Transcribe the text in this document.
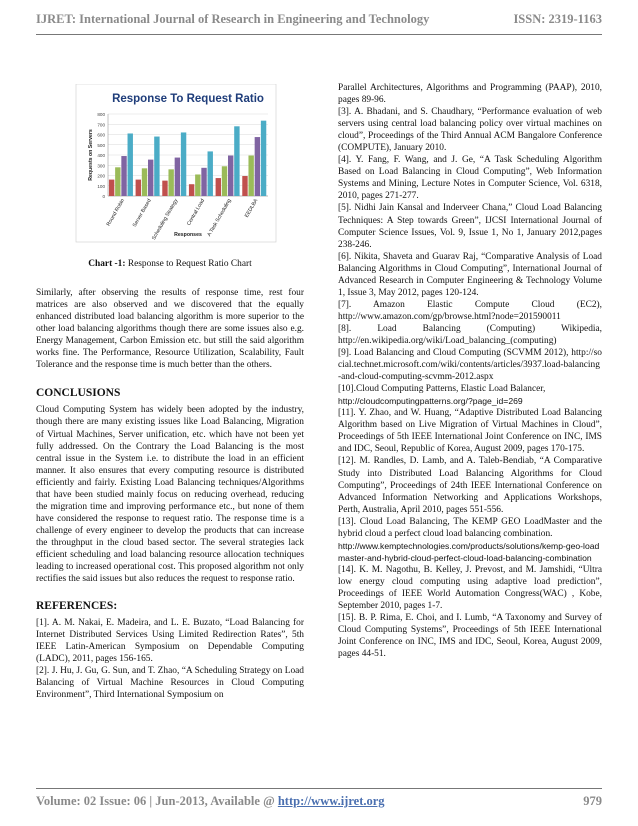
IJRET: International Journal of Research in Engineering and Technology	ISSN: 2319-1163
Response To Request Ratio
0
100
200
300
400
500
600
700
800
Requests on Servers
Round Robin Server Based
Scheduling Strategy Central Load A Task Scheduling EEDLBA
Responses

Chart -1: Response to Request Ratio Chart

Similarly, after observing the results of response time, rest four matrices are also observed and we discovered that the equally enhanced distributed load balancing algorithm is more superior to the other load balancing algorithms though there are some issues also e.g. Energy Management, Carbon Emission etc. but still the said algorithm works fine. The Performance, Resource Utilization, Scalability, Fault Tolerance and the response time is much better than the others.

CONCLUSIONS

Cloud Computing System has widely been adopted by the industry, though there are many existing issues like Load Balancing, Migration of Virtual Machines, Server unification, etc. which have not been yet fully addressed. On the Contrary the Load Balancing is the most central issue in the System i.e. to distribute the load in an efficient manner. It also ensures that every computing resource is distributed efficiently and fairly. Existing Load Balancing techniques/Algorithms that have been studied mainly focus on reducing overhead, reducing the migration time and improving performance etc., but none of them have considered the response to request ratio. The response time is a challenge of every engineer to develop the products that can increase the throughput in the cloud based sector. The several strategies lack efficient scheduling and load balancing resource allocation techniques leading to increased operational cost. This proposed algorithm not only rectifies the said issues but also reduces the request to response ratio.

REFERENCES:

[1]. A. M. Nakai, E. Madeira, and L. E. Buzato, “Load Balancing for Internet Distributed Services Using Limited Redirection Rates”, 5th IEEE Latin-American Symposium on Dependable Computing (LADC), 2011, pages 156-165.

[2]. J. Hu, J. Gu, G. Sun, and T. Zhao, “A Scheduling Strategy on Load Balancing of Virtual Machine Resources in Cloud Computing Environment”, Third International Symposium on

Parallel Architectures, Algorithms and Programming (PAAP), 2010, pages 89-96.

[3]. A. Bhadani, and S. Chaudhary, “Performance evaluation of web servers using central load balancing policy over virtual machines on cloud”, Proceedings of the Third Annual ACM Bangalore Conference (COMPUTE), January 2010.

[4]. Y. Fang, F. Wang, and J. Ge, “A Task Scheduling Algorithm Based on Load Balancing in Cloud Computing”, Web Information Systems and Mining, Lecture Notes in Computer Science, Vol. 6318, 2010, pages 271-277.

[5]. Nidhi Jain Kansal and Inderveer Chana,” Cloud Load Balancing Techniques: A Step towards Green”, IJCSI International Journal of Computer Science Issues, Vol. 9, Issue 1, No 1, January 2012,pages 238-246.

[6]. Nikita, Shaveta and Guarav Raj, “Comparative Analysis of Load Balancing Algorithms in Cloud Computing”, International Journal of Advanced Research in Computer Engineering & Technology Volume 1, Issue 3, May 2012, pages 120-124.

[7]. Amazon Elastic Compute Cloud (EC2), http://www.amazon.com/gp/browse.html?node=201590011

[8]. Load Balancing (Computing) Wikipedia, http://en.wikipedia.org/wiki/Load_balancing_(computing)

[9]. Load Balancing and Cloud Computing (SCVMM 2012), http://social.technet.microsoft.com/wiki/contents/articles/3937.load-balancing-and-cloud-computing-scvmm-2012.aspx

[10].Cloud Computing Patterns, Elastic Load Balancer,

http://cloudcomputingpatterns.org/?page_id=269

[11]. Y. Zhao, and W. Huang, “Adaptive Distributed Load Balancing Algorithm based on Live Migration of Virtual Machines in Cloud”, Proceedings of 5th IEEE International Joint Conference on INC, IMS and IDC, Seoul, Republic of Korea, August 2009, pages 170-175.

[12]. M. Randles, D. Lamb, and A. Taleb-Bendiab, “A Comparative Study into Distributed Load Balancing Algorithms for Cloud Computing”, Proceedings of 24th IEEE International Conference on Advanced Information Networking and Applications Workshops, Perth, Australia, April 2010, pages 551-556.

[13]. Cloud Load Balancing, The KEMP GEO LoadMaster and the hybrid cloud a perfect cloud load balancing combination.

http://www.kemptechnologies.com/products/solutions/kemp-geo-loadmaster-and-hybrid-cloud-perfect-cloud-load-balancing-combination

[14]. K. M. Nagothu, B. Kelley, J. Prevost, and M. Jamshidi, “Ultra low energy cloud computing using adaptive load prediction”, Proceedings of IEEE World Automation Congress(WAC) , Kobe, September 2010, pages 1-7.

[15]. B. P. Rima, E. Choi, and I. Lumb, “A Taxonomy and Survey of Cloud Computing Systems”, Proceedings of 5th IEEE International Joint Conference on INC, IMS and IDC, Seoul, Korea, August 2009, pages 44-51.

Volume: 02 Issue: 06 | Jun-2013, Available @ http://www.ijret.org	979
